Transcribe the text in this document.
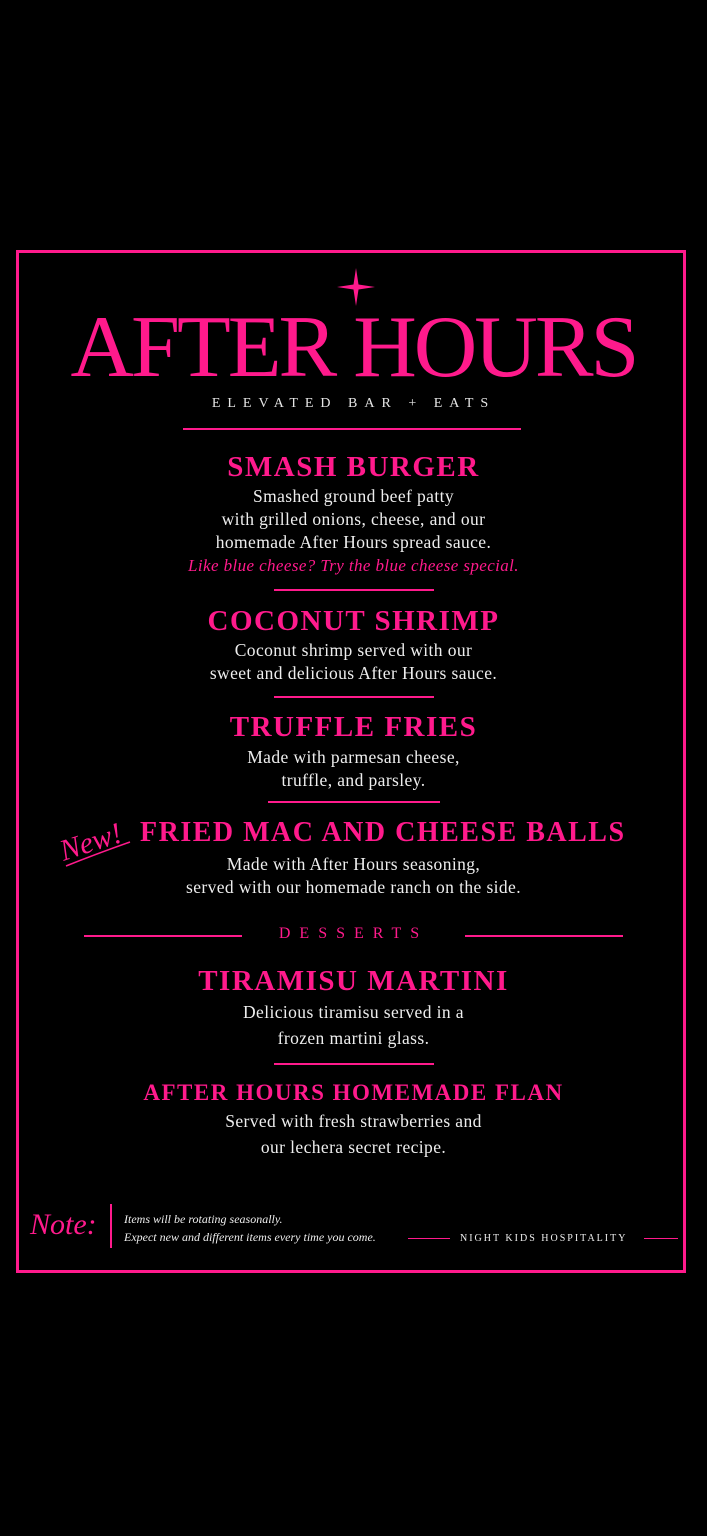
AFTER HOURS
ELEVATED BAR + EATS
SMASH BURGER
Smashed ground beef patty
with grilled onions, cheese, and our
homemade After Hours spread sauce.
Like blue cheese? Try the blue cheese special.
COCONUT SHRIMP
Coconut shrimp served with our
sweet and delicious After Hours sauce.
TRUFFLE FRIES
Made with parmesan cheese,
truffle, and parsley.
New! FRIED MAC AND CHEESE BALLS
Made with After Hours seasoning,
served with our homemade ranch on the side.
DESSERTS
TIRAMISU MARTINI
Delicious tiramisu served in a
frozen martini glass.
AFTER HOURS HOMEMADE FLAN
Served with fresh strawberries and
our lechera secret recipe.
Note: Items will be rotating seasonally.
Expect new and different items every time you come.	NIGHT KIDS HOSPITALITY
